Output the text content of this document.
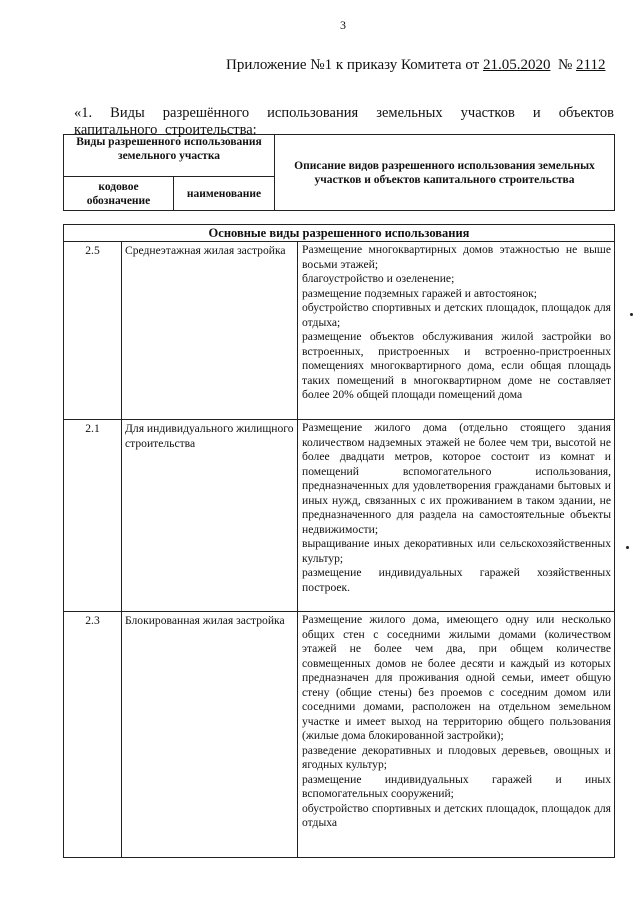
3
Приложение №1 к приказу Комитета от 21.05.2020  № 2112
«1. Виды разрешённого использования земельных участков и объектов капитального строительства:
Виды разрешенного использования земельного участка		Описание видов разрешенного использования земельных участков и объектов капитального строительства
кодовое обозначение	наименование	
Основные виды разрешенного использования		
2.5	Среднеэтажная жилая застройка	Размещение многоквартирных домов этажностью не выше восьми этажей;
благоустройство и озеленение;
размещение подземных гаражей и автостоянок;
обустройство спортивных и детских площадок, площадок для отдыха;
размещение объектов обслуживания жилой застройки во встроенных, пристроенных и встроенно-пристроенных помещениях многоквартирного дома, если общая площадь таких помещений в многоквартирном доме не составляет более 20% общей площади помещений дома

2.1	Для индивидуального жилищного строительства	Размещение жилого дома (отдельно стоящего здания количеством надземных этажей не более чем три, высотой не более двадцати метров, которое состоит из комнат и помещений вспомогательного использования, предназначенных для удовлетворения гражданами бытовых и иных нужд, связанных с их проживанием в таком здании, не предназначенного для раздела на самостоятельные объекты недвижимости;
выращивание иных декоративных или сельскохозяйственных культур;
размещение индивидуальных гаражей хозяйственных построек.

2.3	Блокированная жилая застройка	Размещение жилого дома, имеющего одну или несколько общих стен с соседними жилыми домами (количеством этажей не более чем два, при общем количестве совмещенных домов не более десяти и каждый из которых предназначен для проживания одной семьи, имеет общую стену (общие стены) без проемов с соседним домом или соседними домами, расположен на отдельном земельном участке и имеет выход на территорию общего пользования (жилые дома блокированной застройки);
разведение декоративных и плодовых деревьев, овощных и ягодных культур;
размещение индивидуальных гаражей и иных вспомогательных сооружений;
обустройство спортивных и детских площадок, площадок для отдыха
